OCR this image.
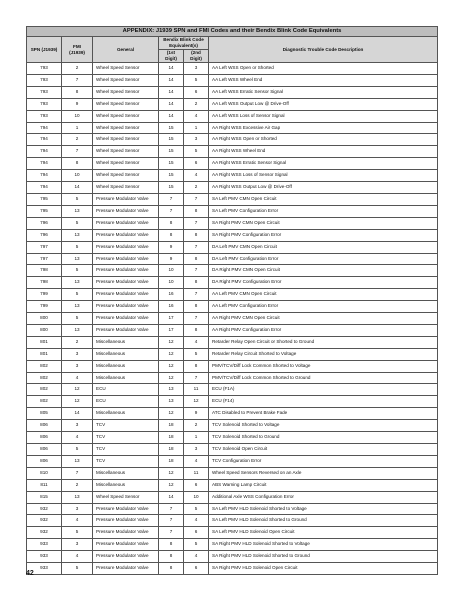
APPENDIX: J1939 SPN and FMI Codes and their Bendix Blink Code Equivalents					
SPN (J1939)	FMI (J1939)	General	Bendix Blink Code Equivalent(s)		Diagnostic Trouble Code Description
			(1st Digit)	(2nd Digit)	
793	2	Wheel Speed Sensor	14	3	AA Left WSS Open or Shorted
793	7	Wheel Speed Sensor	14	5	AA Left WSS Wheel End
793	8	Wheel Speed Sensor	14	6	AA Left WSS Erratic Sensor Signal
793	9	Wheel Speed Sensor	14	2	AA Left WSS Output Low @ Drive-Off
793	10	Wheel Speed Sensor	14	4	AA Left WSS Loss of Sensor Signal
794	1	Wheel Speed Sensor	15	1	AA Right WSS Excessive Air Gap
794	2	Wheel Speed Sensor	15	3	AA Right WSS Open or Shorted
794	7	Wheel Speed Sensor	15	5	AA Right WSS Wheel End
794	8	Wheel Speed Sensor	15	6	AA Right WSS Erratic Sensor Signal
794	10	Wheel Speed Sensor	15	4	AA Right WSS Loss of Sensor Signal
794	14	Wheel Speed Sensor	15	2	AA Right WSS Output Low @ Drive-Off
795	5	Pressure Modulator Valve	7	7	SA Left PMV CMN Open Circuit
795	13	Pressure Modulator Valve	7	8	SA Left PMV Configuration Error
796	5	Pressure Modulator Valve	8	7	SA Right PMV CMN Open Circuit
796	13	Pressure Modulator Valve	8	8	SA Right PMV Configuration Error
797	5	Pressure Modulator Valve	9	7	DA Left PMV CMN Open Circuit
797	13	Pressure Modulator Valve	9	8	DA Left PMV Configuration Error
798	5	Pressure Modulator Valve	10	7	DA Right PMV CMN Open Circuit
798	13	Pressure Modulator Valve	10	8	DA Right PMV Configuration Error
799	5	Pressure Modulator Valve	16	7	AA Left PMV CMN Open Circuit
799	13	Pressure Modulator Valve	16	8	AA Left PMV Configuration Error
800	5	Pressure Modulator Valve	17	7	AA Right PMV CMN Open Circuit
800	13	Pressure Modulator Valve	17	8	AA Right PMV Configuration Error
801	2	Miscellaneous	12	4	Retarder Relay Open Circuit or Shorted to Ground
801	3	Miscellaneous	12	5	Retarder Relay Circuit Shorted to Voltage
802	3	Miscellaneous	12	8	PMV/TCV/Diff Lock Common Shorted to Voltage
802	4	Miscellaneous	12	7	PMV/TCV/Diff Lock Common Shorted to Ground
802	12	ECU	13	11	ECU (F1A)
802	12	ECU	13	12	ECU (F14)
805	14	Miscellaneous	12	9	ATC Disabled to Prevent Brake Fade
806	3	TCV	18	2	TCV Solenoid Shorted to Voltage
806	4	TCV	18	1	TCV Solenoid Shorted to Ground
806	5	TCV	18	3	TCV Solenoid Open Circuit
806	13	TCV	18	4	TCV Configuration Error
810	7	Miscellaneous	12	11	Wheel Speed Sensors Reversed on an Axle
811	2	Miscellaneous	12	6	ABS Warning Lamp Circuit
815	13	Wheel Speed Sensor	14	10	Additional Axle WSS Configuration Error
932	3	Pressure Modulator Valve	7	5	SA Left PMV HLD Solenoid Shorted to Voltage
932	4	Pressure Modulator Valve	7	4	SA Left PMV HLD Solenoid Shorted to Ground
932	5	Pressure Modulator Valve	7	6	SA Left PMV HLD Solenoid Open Circuit
933	3	Pressure Modulator Valve	8	5	SA Right PMV HLD Solenoid Shorted to Voltage
933	4	Pressure Modulator Valve	8	4	SA Right PMV HLD Solenoid Shorted to Ground
933	5	Pressure Modulator Valve	8	6	SA Right PMV HLD Solenoid Open Circuit
42
